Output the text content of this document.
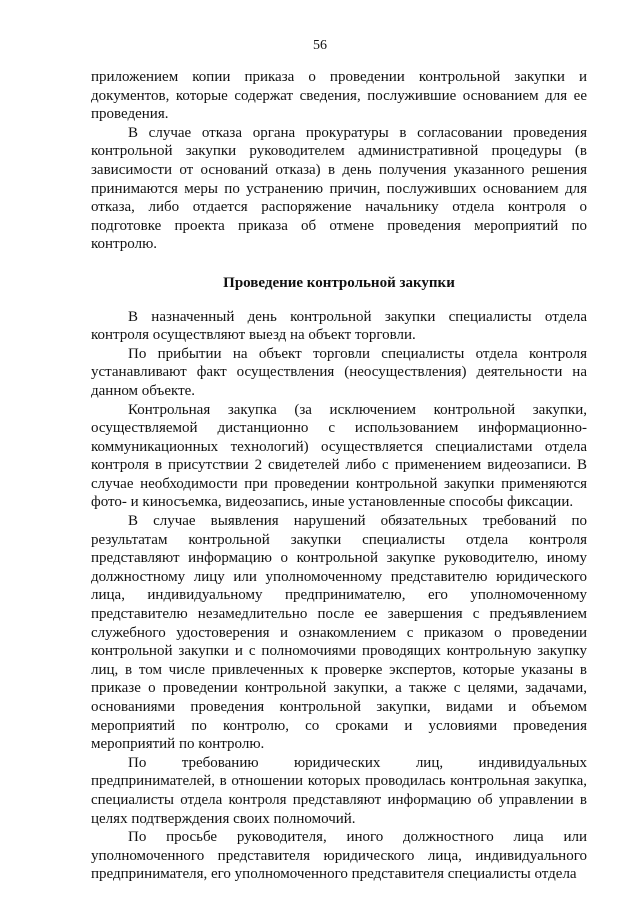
56

приложением копии приказа о проведении контрольной закупки и документов, которые содержат сведения, послужившие основанием для ее проведения.

В случае отказа органа прокуратуры в согласовании проведения контрольной закупки руководителем административной процедуры (в зависимости от оснований отказа) в день получения указанного решения принимаются меры по устранению причин, послуживших основанием для отказа, либо отдается распоряжение начальнику отдела контроля о подготовке проекта приказа об отмене проведения мероприятий по контролю.

Проведение контрольной закупки

В назначенный день контрольной закупки специалисты отдела контроля осуществляют выезд на объект торговли.

По прибытии на объект торговли специалисты отдела контроля устанавливают факт осуществления (неосуществления) деятельности на данном объекте.

Контрольная закупка (за исключением контрольной закупки, осуществляемой дистанционно с использованием информационно-коммуникационных технологий) осуществляется специалистами отдела контроля в присутствии 2 свидетелей либо с применением видеозаписи. В случае необходимости при проведении контрольной закупки применяются фото- и киносъемка, видеозапись, иные установленные способы фиксации.

В случае выявления нарушений обязательных требований по результатам контрольной закупки специалисты отдела контроля представляют информацию о контрольной закупке руководителю, иному должностному лицу или уполномоченному представителю юридического лица, индивидуальному предпринимателю, его уполномоченному представителю незамедлительно после ее завершения с предъявлением служебного удостоверения и ознакомлением с приказом о проведении контрольной закупки и с полномочиями проводящих контрольную закупку лиц, в том числе привлеченных к проверке экспертов, которые указаны в приказе о проведении контрольной закупки, а также с целями, задачами, основаниями проведения контрольной закупки, видами и объемом мероприятий по контролю, со сроками и условиями проведения мероприятий по контролю.

По требованию юридических лиц, индивидуальных предпринимателей, в отношении которых проводилась контрольная закупка, специалисты отдела контроля представляют информацию об управлении в целях подтверждения своих полномочий.

По просьбе руководителя, иного должностного лица или уполномоченного представителя юридического лица, индивидуального предпринимателя, его уполномоченного представителя специалисты отдела
